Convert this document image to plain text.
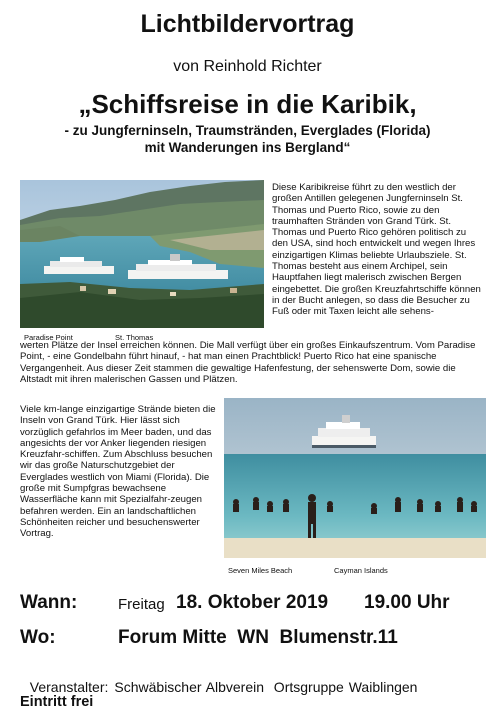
Lichtbildervortrag
von Reinhold Richter
„Schiffsreise in die Karibik,
- zu Jungferninseln, Traumstränden, Everglades (Florida)
mit Wanderungen ins Bergland“
Paradise Point	St. Thomas
Diese Karibikreise führt zu den westlich der großen Antillen gelegenen Jungferninseln St. Thomas und Puerto Rico, sowie zu den traumhaften Stränden von Grand Türk. St. Thomas und Puerto Rico gehören politisch zu den USA, sind hoch entwickelt und wegen Ihres einzigartigen Klimas beliebte Urlaubsziele. St. Thomas besteht aus einem Archipel, sein Hauptfahen liegt malerisch zwischen Bergen eingebettet. Die großen Kreuzfahrtschiffe können in der Bucht anlegen, so dass die Besucher zu Fuß oder mit Taxen leicht alle sehens-
werten Plätze der Insel erreichen können. Die Mall verfügt über ein großes Einkaufszentrum. Vom Paradise Point, - eine Gondelbahn führt hinauf, - hat man einen Prachtblick! Puerto Rico hat eine spanische Vergangenheit. Aus dieser Zeit stammen die gewaltige Hafenfestung, der sehenswerte Dom, sowie die Altstadt mit ihren malerischen Gassen und Plätzen.
Viele km-lange einzigartige Strände bieten die Inseln von Grand Türk. Hier lässt sich vorzüglich gefahrlos im Meer baden, und das angesichts der vor Anker liegenden riesigen Kreuzfahr-schiffen. Zum Abschluss besuchen wir das große Naturschutzgebiet der Everglades westlich von Miami (Florida). Die große mit Sumpfgras bewachsene Wasserfläche kann mit Spezialfahr-zeugen befahren werden. Ein an landschaftlichen Schönheiten reicher und besuchenswerter Vortrag.
Seven Miles Beach	Cayman Islands
Wann:	Freitag 18. Oktober 2019 19.00 Uhr
Wo:	Forum Mitte  WN  Blumenstr.11

Veranstalter: Schwäbischer Albverein  Ortsgruppe Waiblingen

Eintritt frei
